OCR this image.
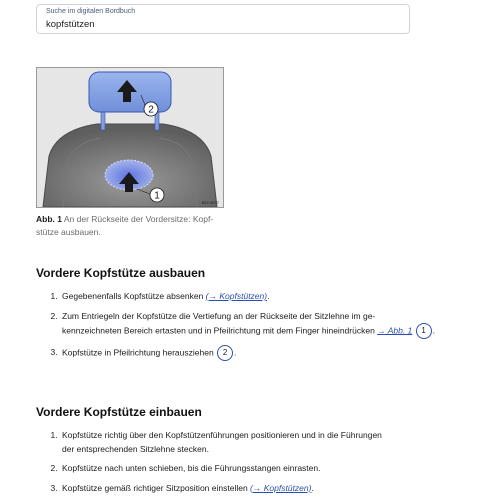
Suche im digitalen Bordbuch
kopfstützen
2
1
B3Y-0077
Abb. 1 An der Rückseite der Vordersitze: Kopf-
stütze ausbauen.
Vordere Kopfstütze ausbauen
1. Gegebenenfalls Kopfstütze absenken (→ Kopfstützen).
2. Zum Entriegeln der Kopfstütze die Vertiefung an der Rückseite der Sitzlehne im ge-
kennzeichneten Bereich ertasten und in Pfeilrichtung mit dem Finger hineindrücken → Abb. 1 1 .
3. Kopfstütze in Pfeilrichtung herausziehen 2 .
Vordere Kopfstütze einbauen
1. Kopfstütze richtig über den Kopfstützenführungen positionieren und in die Führungen
der entsprechenden Sitzlehne stecken.
2. Kopfstütze nach unten schieben, bis die Führungsstangen einrasten.
3. Kopfstütze gemäß richtiger Sitzposition einstellen (→ Kopfstützen).
